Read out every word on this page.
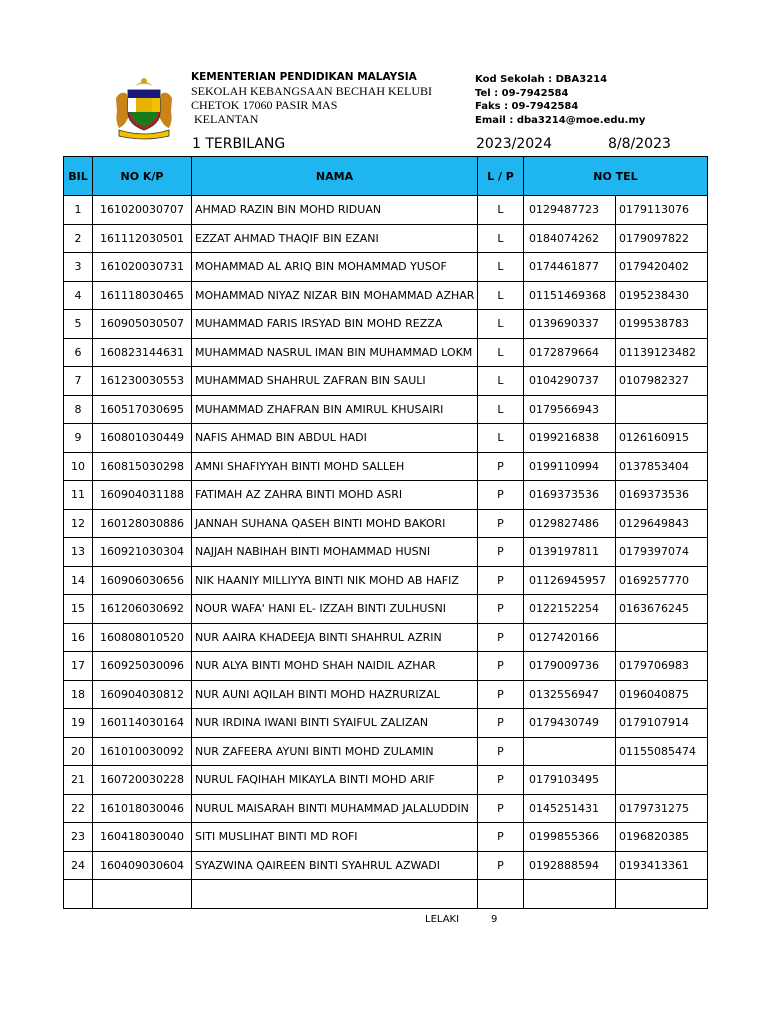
KEMENTERIAN PENDIDIKAN MALAYSIA
SEKOLAH KEBANGSAAN BECHAH KELUBI
CHETOK 17060 PASIR MAS
KELANTAN
Kod Sekolah : DBA3214
Tel : 09-7942584
Faks : 09-7942584
Email : dba3214@moe.edu.my
1 TERBILANG	2023/2024	8/8/2023
BIL	NO K/P	NAMA	L / P	NO TEL	
1	161020030707	AHMAD RAZIN BIN MOHD RIDUAN	L	0129487723	0179113076
2	161112030501	EZZAT AHMAD THAQIF BIN EZANI	L	0184074262	0179097822
3	161020030731	MOHAMMAD AL ARIQ BIN MOHAMMAD YUSOF	L	0174461877	0179420402
4	161118030465	MOHAMMAD NIYAZ NIZAR BIN MOHAMMAD AZHAR	L	01151469368	0195238430
5	160905030507	MUHAMMAD FARIS IRSYAD BIN MOHD REZZA	L	0139690337	0199538783
6	160823144631	MUHAMMAD NASRUL IMAN BIN MUHAMMAD LOKM	L	0172879664	01139123482
7	161230030553	MUHAMMAD SHAHRUL ZAFRAN BIN SAULI	L	0104290737	0107982327
8	160517030695	MUHAMMAD ZHAFRAN BIN AMIRUL KHUSAIRI	L	0179566943	
9	160801030449	NAFIS AHMAD BIN ABDUL HADI	L	0199216838	0126160915
10	160815030298	AMNI SHAFIYYAH BINTI MOHD SALLEH	P	0199110994	0137853404
11	160904031188	FATIMAH AZ ZAHRA BINTI MOHD ASRI	P	0169373536	0169373536
12	160128030886	JANNAH SUHANA QASEH BINTI MOHD BAKORI	P	0129827486	0129649843
13	160921030304	NAJJAH NABIHAH BINTI MOHAMMAD HUSNI	P	0139197811	0179397074
14	160906030656	NIK HAANIY MILLIYYA BINTI NIK MOHD AB HAFIZ	P	01126945957	0169257770
15	161206030692	NOUR WAFA' HANI EL- IZZAH BINTI ZULHUSNI	P	0122152254	0163676245
16	160808010520	NUR AAIRA KHADEEJA BINTI SHAHRUL AZRIN	P	0127420166	
17	160925030096	NUR ALYA BINTI MOHD SHAH NAIDIL AZHAR	P	0179009736	0179706983
18	160904030812	NUR AUNI AQILAH BINTI MOHD HAZRURIZAL	P	0132556947	0196040875
19	160114030164	NUR IRDINA IWANI BINTI SYAIFUL ZALIZAN	P	0179430749	0179107914
20	161010030092	NUR ZAFEERA AYUNI BINTI MOHD ZULAMIN	P		01155085474
21	160720030228	NURUL FAQIHAH MIKAYLA BINTI MOHD ARIF	P	0179103495	
22	161018030046	NURUL MAISARAH BINTI MUHAMMAD JALALUDDIN	P	0145251431	0179731275
23	160418030040	SITI MUSLIHAT BINTI MD ROFI	P	0199855366	0196820385
24	160409030604	SYAZWINA QAIREEN BINTI SYAHRUL AZWADI	P	0192888594	0193413361

LELAKI	9
